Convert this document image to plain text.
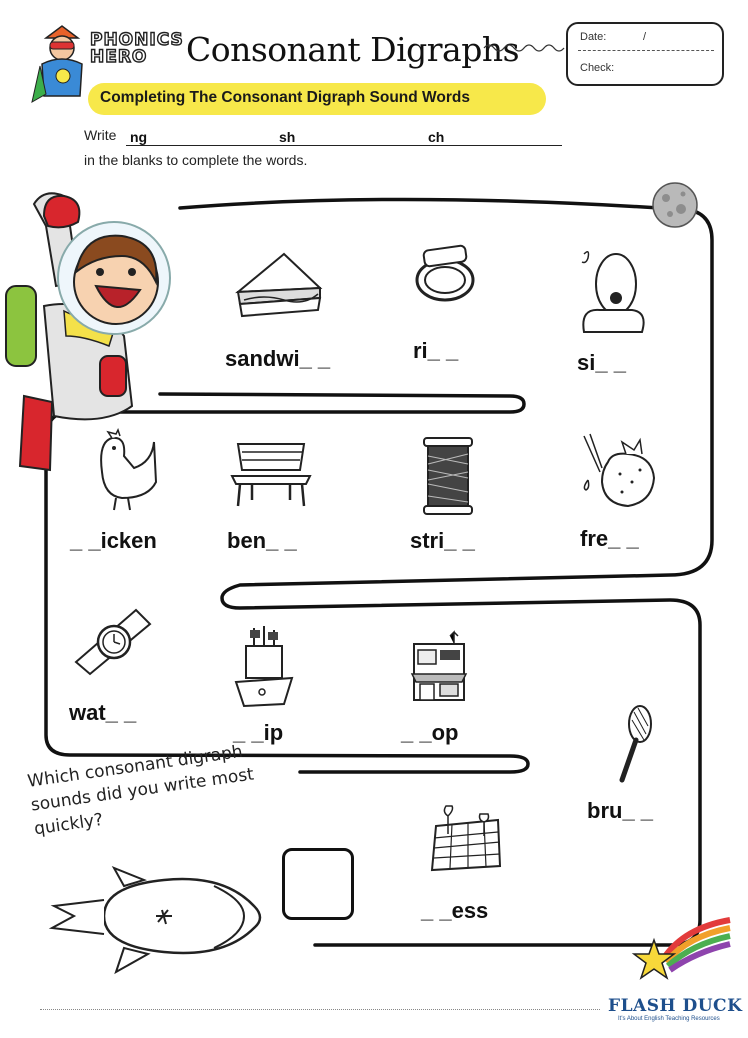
PHONICS
HERO	Consonant Digraphs	Date:	/
Check:
Completing The Consonant Digraph Sound Words
Write ng	sh	ch
in the blanks to complete the words.
sandwi_ _	ri_ _	si_ _
_ _icken	ben_ _	stri_ _	fre_ _
wat_ _
_ _ip	_ _op
bru_ _
Which consonant digraph sounds did you write most quickly?
_ _ess
FLASH DUCK
It's About English Teaching Resources
